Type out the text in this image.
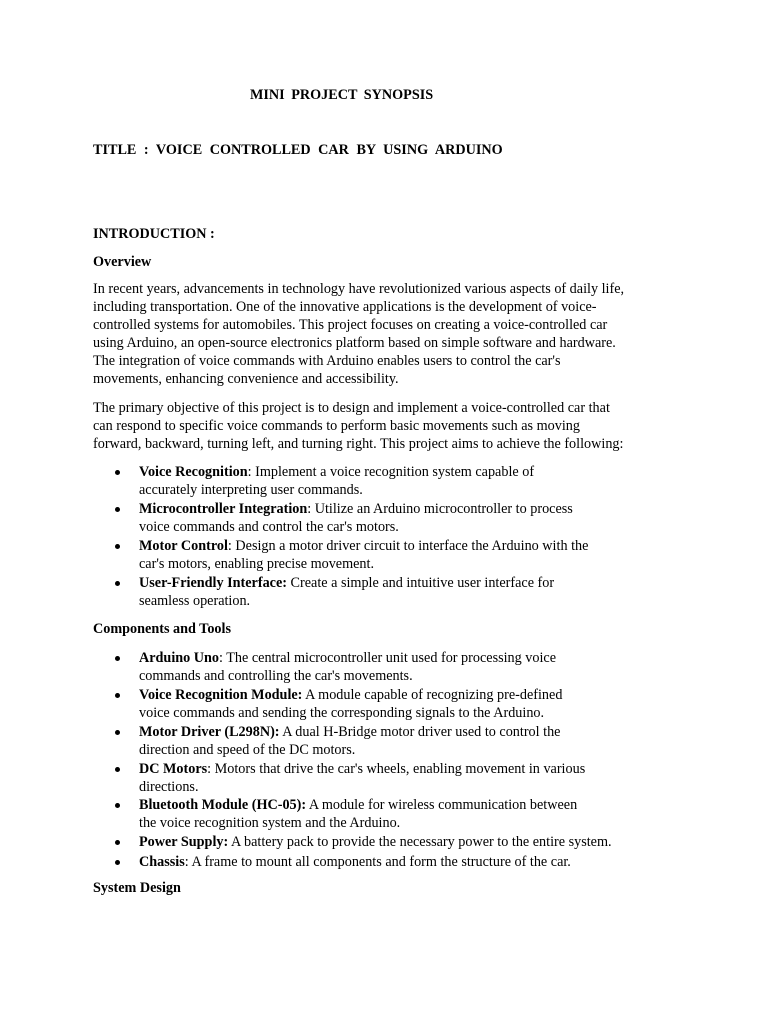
MINI PROJECT SYNOPSIS

TITLE : VOICE CONTROLLED CAR BY USING ARDUINO

INTRODUCTION :

Overview

In recent years, advancements in technology have revolutionized various aspects of daily life,

including transportation. One of the innovative applications is the development of voice-

controlled systems for automobiles. This project focuses on creating a voice-controlled car

using Arduino, an open-source electronics platform based on simple software and hardware.

The integration of voice commands with Arduino enables users to control the car's

movements, enhancing convenience and accessibility.

The primary objective of this project is to design and implement a voice-controlled car that

can respond to specific voice commands to perform basic movements such as moving

forward, backward, turning left, and turning right. This project aims to achieve the following:

Voice Recognition: Implement a voice recognition system capable of

accurately interpreting user commands.

Microcontroller Integration: Utilize an Arduino microcontroller to process

voice commands and control the car's motors.

Motor Control: Design a motor driver circuit to interface the Arduino with the

car's motors, enabling precise movement.

User-Friendly Interface: Create a simple and intuitive user interface for

seamless operation.

Components and Tools

Arduino Uno: The central microcontroller unit used for processing voice

commands and controlling the car's movements.

Voice Recognition Module: A module capable of recognizing pre-defined

voice commands and sending the corresponding signals to the Arduino.

Motor Driver (L298N): A dual H-Bridge motor driver used to control the

direction and speed of the DC motors.

DC Motors: Motors that drive the car's wheels, enabling movement in various

directions.

Bluetooth Module (HC-05): A module for wireless communication between

the voice recognition system and the Arduino.

Power Supply: A battery pack to provide the necessary power to the entire system.

Chassis: A frame to mount all components and form the structure of the car.

System Design
